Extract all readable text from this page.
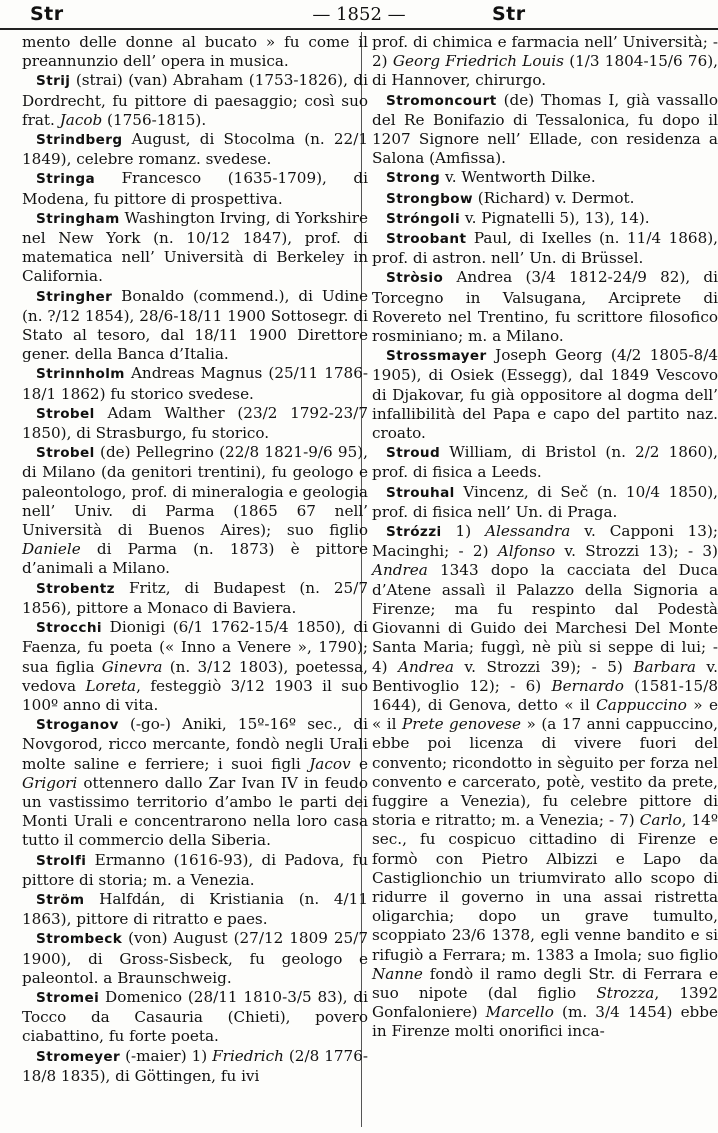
Str	— 1852 —	Str

mento delle donne al bucato » fu come il preannunzio dell’ opera in musica.

Strij (strai) (van) Abraham (1753-1826), di Dordrecht, fu pittore di paesaggio; così suo frat. Jacob (1756-1815).

Strindberg August, di Stocolma (n. 22/1 1849), celebre romanz. svedese.

Stringa Francesco (1635-1709), di Modena, fu pittore di prospettiva.

Stringham Washington Irving, di Yorkshire nel New York (n. 10/12 1847), prof. di matematica nell’ Università di Berkeley in California.

Stringher Bonaldo (commend.), di Udine (n. ?/12 1854), 28/6-18/11 1900 Sottosegr. di Stato al tesoro, dal 18/11 1900 Direttore gener. della Banca d’Italia.

Strinnholm Andreas Magnus (25/11 1786-18/1 1862) fu storico svedese.

Strobel Adam Walther (23/2 1792-23/7 1850), di Strasburgo, fu storico.

Strobel (de) Pellegrino (22/8 1821-9/6 95), di Milano (da genitori trentini), fu geologo e paleontologo, prof. di mineralogia e geologia nell’ Univ. di Parma (1865 67 nell’ Università di Buenos Aires); suo figlio Daniele di Parma (n. 1873) è pittore d’animali a Milano.

Strobentz Fritz, di Budapest (n. 25/7 1856), pittore a Monaco di Baviera.

Strocchi Dionigi (6/1 1762-15/4 1850), di Faenza, fu poeta (« Inno a Venere », 1790); sua figlia Ginevra (n. 3/12 1803), poetessa, vedova Loreta, festeggiò 3/12 1903 il suo 100º anno di vita.

Stroganov (-go-) Aniki, 15º-16º sec., di Novgorod, ricco mercante, fondò negli Urali molte saline e ferriere; i suoi figli Jacov e Grigori ottennero dallo Zar Ivan IV in feudo un vastissimo territorio d’ambo le parti dei Monti Urali e concentrarono nella loro casa tutto il commercio della Siberia.

Strolfi Ermanno (1616-93), di Padova, fu pittore di storia; m. a Venezia.

Ström Halfdán, di Kristiania (n. 4/11 1863), pittore di ritratto e paes.

Strombeck (von) August (27/12 1809 25/7 1900), di Gross-Sisbeck, fu geologo e paleontol. a Braunschweig.

Stromei Domenico (28/11 1810-3/5 83), di Tocco da Casauria (Chieti), povero ciabattino, fu forte poeta.

Stromeyer (-maier) 1) Friedrich (2/8 1776-18/8 1835), di Göttingen, fu ivi

prof. di chimica e farmacia nell’ Università; - 2) Georg Friedrich Louis (1/3 1804-15/6 76), di Hannover, chirurgo.

Stromoncourt (de) Thomas I, già vassallo del Re Bonifazio di Tessalonica, fu dopo il 1207 Signore nell’ Ellade, con residenza a Salona (Amfissa).

Strong v. Wentworth Dilke.

Strongbow (Richard) v. Dermot.

Stróngoli v. Pignatelli 5), 13), 14).

Stroobant Paul, di Ixelles (n. 11/4 1868), prof. di astron. nell’ Un. di Brüssel.

Stròsio Andrea (3/4 1812-24/9 82), di Torcegno in Valsugana, Arciprete di Rovereto nel Trentino, fu scrittore filosofico rosminiano; m. a Milano.

Strossmayer Joseph Georg (4/2 1805-8/4 1905), di Osiek (Essegg), dal 1849 Vescovo di Djakovar, fu già oppositore al dogma dell’ infallibilità del Papa e capo del partito naz. croato.

Stroud William, di Bristol (n. 2/2 1860), prof. di fisica a Leeds.

Strouhal Vincenz, di Seč (n. 10/4 1850), prof. di fisica nell’ Un. di Praga.

Strózzi 1) Alessandra v. Capponi 13); Macinghi; - 2) Alfonso v. Strozzi 13); - 3) Andrea 1343 dopo la cacciata del Duca d’Atene assalì il Palazzo della Signoria a Firenze; ma fu respinto dal Podestà Giovanni di Guido dei Marchesi Del Monte Santa Maria; fuggì, nè più si seppe di lui; - 4) Andrea v. Strozzi 39); - 5) Barbara v. Bentivoglio 12); - 6) Bernardo (1581-15/8 1644), di Genova, detto « il Cappuccino » e « il Prete genovese » (a 17 anni cappuccino, ebbe poi licenza di vivere fuori del convento; ricondotto in sèguito per forza nel convento e carcerato, potè, vestito da prete, fuggire a Venezia), fu celebre pittore di storia e ritratto; m. a Venezia; - 7) Carlo, 14º sec., fu cospicuo cittadino di Firenze e formò con Pietro Albizzi e Lapo da Castiglionchio un triumvirato allo scopo di ridurre il governo in una assai ristretta oligarchia; dopo un grave tumulto, scoppiato 23/6 1378, egli venne bandito e si rifugiò a Ferrara; m. 1383 a Imola; suo figlio Nanne fondò il ramo degli Str. di Ferrara e suo nipote (dal figlio Strozza, 1392 Gonfaloniere) Marcello (m. 3/4 1454) ebbe in Firenze molti onorifici inca-
